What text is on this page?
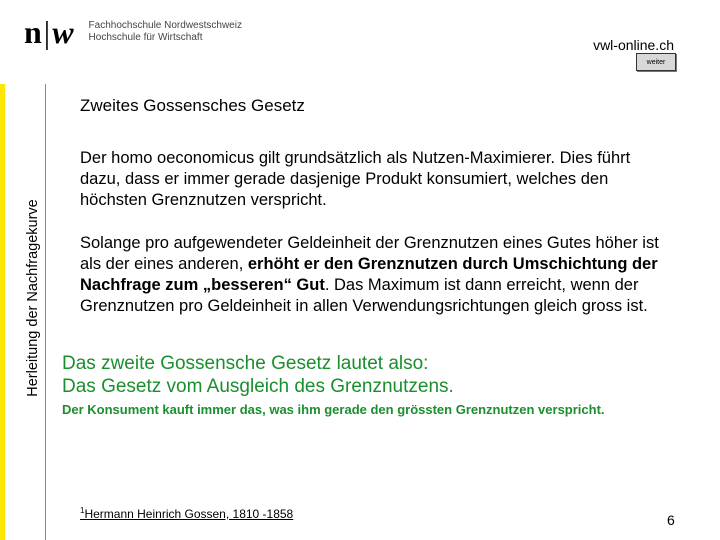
n|w Fachhochschule Nordwestschweiz
Hochschule für Wirtschaft	vwl-online.ch
weiter
Herleitung der Nachfragekurve
Zweites Gossensches Gesetz
Der homo oeconomicus gilt grundsätzlich als Nutzen-Maximierer. Dies führt dazu, dass er immer gerade dasjenige Produkt konsumiert, welches den höchsten Grenznutzen verspricht.
Solange pro aufgewendeter Geldeinheit der Grenznutzen eines Gutes höher ist als der eines anderen, erhöht er den Grenznutzen durch Umschichtung der Nachfrage zum „besseren“ Gut. Das Maximum ist dann erreicht, wenn der Grenznutzen pro Geldeinheit in allen Verwendungsrichtungen gleich gross ist.
Das zweite Gossensche Gesetz lautet also:
Das Gesetz vom Ausgleich des Grenznutzens.
Der Konsument kauft immer das, was ihm gerade den grössten Grenznutzen verspricht.
$^1$Hermann Heinrich Gossen, 1810 -1858	6
